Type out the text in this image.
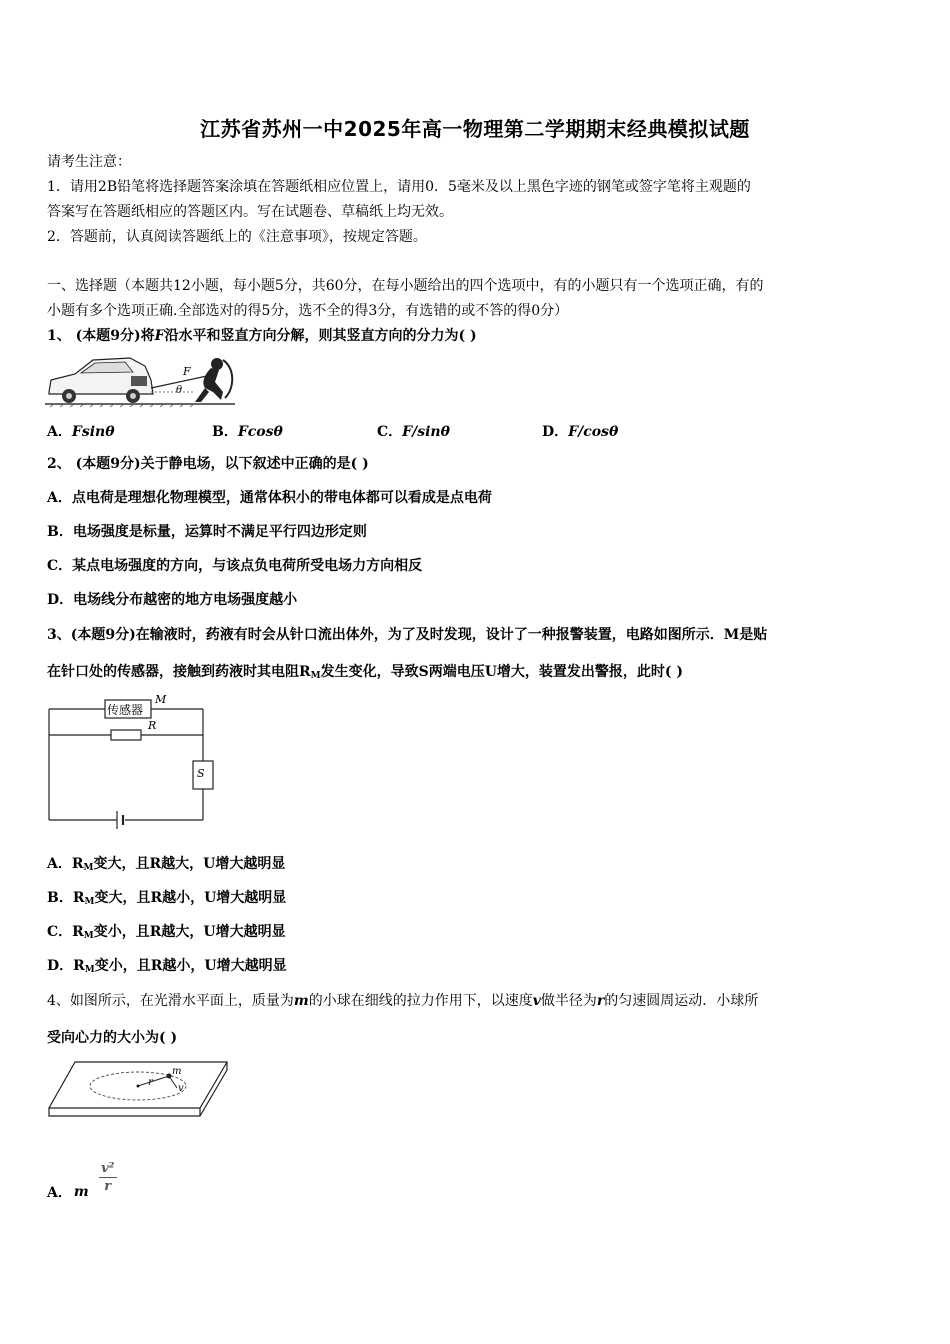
江苏省苏州一中2025年高一物理第二学期期末经典模拟试题
请考生注意：
1．请用2B铅笔将选择题答案涂填在答题纸相应位置上，请用0．5毫米及以上黑色字迹的钢笔或签字笔将主观题的
答案写在答题纸相应的答题区内。写在试题卷、草稿纸上均无效。
2．答题前，认真阅读答题纸上的《注意事项》，按规定答题。
一、选择题（本题共12小题，每小题5分，共60分，在每小题给出的四个选项中，有的小题只有一个选项正确，有的
小题有多个选项正确.全部选对的得5分，选不全的得3分，有选错的或不答的得0分）
1、 (本题9分)将F沿水平和竖直方向分解，则其竖直方向的分力为( )
F
θ
A．Fsinθ	B．Fcosθ	C．F/sinθ	D．F/cosθ
2、 (本题9分)关于静电场，以下叙述中正确的是( )
A．点电荷是理想化物理模型，通常体积小的带电体都可以看成是点电荷
B．电场强度是标量，运算时不满足平行四边形定则
C．某点电场强度的方向，与该点负电荷所受电场力方向相反
D．电场线分布越密的地方电场强度越小
3、(本题9分)在输液时，药液有时会从针口流出体外，为了及时发现，设计了一种报警装置，电路如图所示．M是贴
在针口处的传感器，接触到药液时其电阻$R_M$发生变化，导致S两端电压U增大，装置发出警报，此时( )
传感器
M
R
S
A．$R_M$变大，且R越大，U增大越明显
B．$R_M$变大，且R越小，U增大越明显
C．$R_M$变小，且R越大，U增大越明显
D．$R_M$变小，且R越小，U增大越明显
4、如图所示，在光滑水平面上，质量为m的小球在细线的拉力作用下，以速度v做半径为r的匀速圆周运动．小球所
受向心力的大小为( )
r
m
v
A． m $\frac{\text{v²}}{r}$
